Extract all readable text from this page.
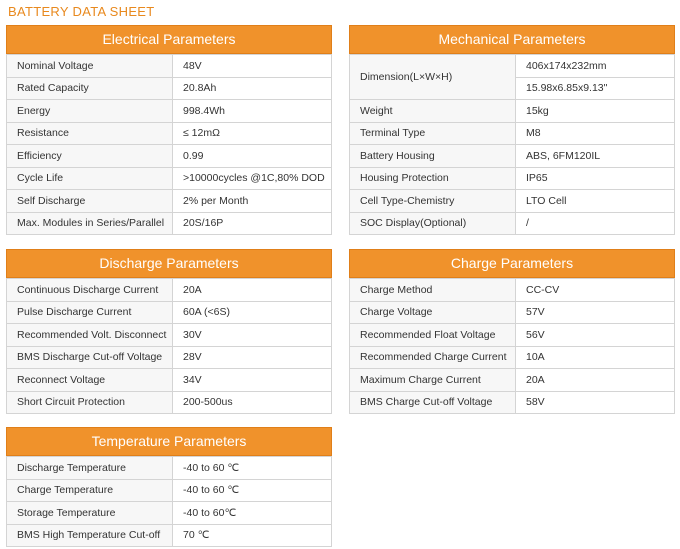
BATTERY DATA SHEET
Electrical Parameters
Nominal Voltage	48V
Rated Capacity	20.8Ah
Energy	998.4Wh
Resistance	≤ 12mΩ
Efficiency	0.99
Cycle Life	>10000cycles @1C,80% DOD
Self Discharge	2% per Month
Max. Modules in Series/Parallel	20S/16P
Mechanical Parameters
Dimension(L×W×H)	406x174x232mm
	15.98x6.85x9.13"
Weight	15kg
Terminal Type	M8
Battery Housing	ABS, 6FM120IL
Housing Protection	IP65
Cell Type-Chemistry	LTO Cell
SOC Display(Optional)	/
Discharge Parameters
Continuous Discharge Current	20A
Pulse Discharge Current	60A (<6S)
Recommended Volt. Disconnect	30V
BMS Discharge Cut-off Voltage	28V
Reconnect Voltage	34V
Short Circuit Protection	200-500us
Charge Parameters
Charge Method	CC-CV
Charge Voltage	57V
Recommended Float Voltage	56V
Recommended Charge Current	10A
Maximum Charge Current	20A
BMS Charge Cut-off Voltage	58V
Temperature Parameters
Discharge Temperature	-40 to 60 ℃
Charge Temperature	-40 to 60 ℃
Storage Temperature	-40 to 60℃
BMS High Temperature Cut-off	70 ℃
